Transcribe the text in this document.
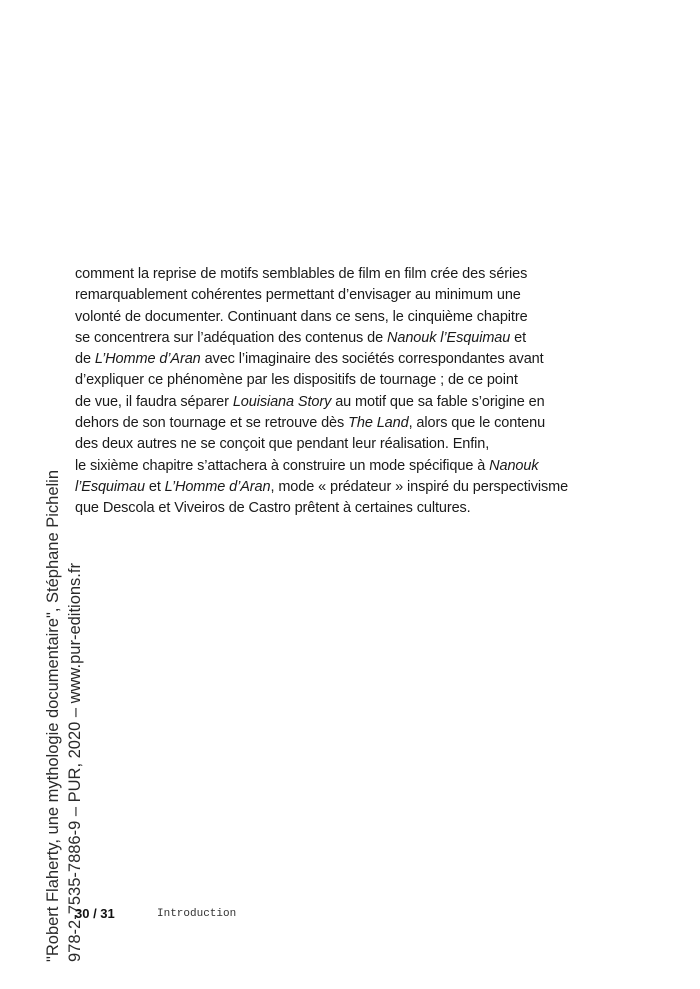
comment la reprise de motifs semblables de film en film crée des séries
remarquablement cohérentes permettant d’envisager au minimum une
volonté de documenter. Continuant dans ce sens, le cinquième chapitre
se concentrera sur l’adéquation des contenus de Nanouk l’Esquimau et
de L’Homme d’Aran avec l’imaginaire des sociétés correspondantes avant
d’expliquer ce phénomène par les dispositifs de tournage ; de ce point
de vue, il faudra séparer Louisiana Story au motif que sa fable s’origine en
dehors de son tournage et se retrouve dès The Land, alors que le contenu
des deux autres ne se conçoit que pendant leur réalisation. Enfin,
le sixième chapitre s’attachera à construire un mode spécifique à Nanouk
l’Esquimau et L’Homme d’Aran, mode « prédateur » inspiré du perspectivisme
que Descola et Viveiros de Castro prêtent à certaines cultures.
"Robert Flaherty, une mythologie documentaire", Stéphane Pichelin 978-2-7535-7886-9 – PUR, 2020 – www.pur-editions.fr
30 / 31	Introduction
